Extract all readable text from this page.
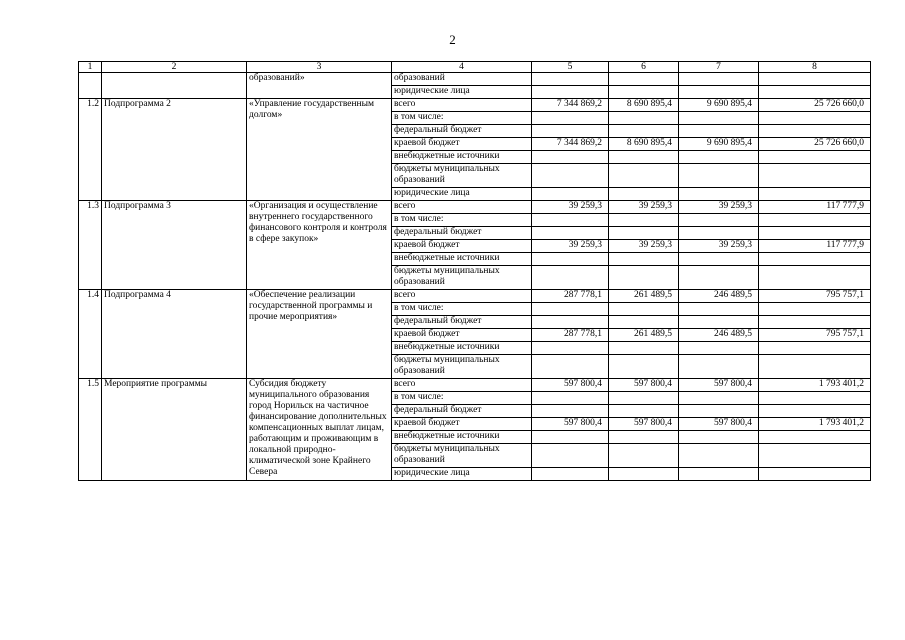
2
1	2	3	4	5	6	7	8
		образований»	образований				
			юридические лица				
1.2	Подпрограмма 2	«Управление государственным долгом»	всего	7 344 869,2	8 690 895,4	9 690 895,4	25 726 660,0
			в том числе:				
			федеральный бюджет				
			краевой бюджет	7 344 869,2	8 690 895,4	9 690 895,4	25 726 660,0
			внебюджетные источники				
			бюджеты муниципальных образований				
			юридические лица				
1.3	Подпрограмма 3	«Организация и осуществление внутреннего государственного финансового контроля и контроля в сфере закупок»	всего	39 259,3	39 259,3	39 259,3	117 777,9
			в том числе:				
			федеральный бюджет				
			краевой бюджет	39 259,3	39 259,3	39 259,3	117 777,9
			внебюджетные источники				
			бюджеты муниципальных образований				
1.4	Подпрограмма 4	«Обеспечение реализации государственной программы и прочие мероприятия»	всего	287 778,1	261 489,5	246 489,5	795 757,1
			в том числе:				
			федеральный бюджет				
			краевой бюджет	287 778,1	261 489,5	246 489,5	795 757,1
			внебюджетные источники				
			бюджеты муниципальных образований				
1.5	Мероприятие программы	Субсидия бюджету муниципального образования город Норильск на частичное финансирование дополнительных компенсационных выплат лицам, работающим и проживающим в локальной природно-климатической зоне Крайнего Севера	всего	597 800,4	597 800,4	597 800,4	1 793 401,2
			в том числе:				
			федеральный бюджет				
			краевой бюджет	597 800,4	597 800,4	597 800,4	1 793 401,2
			внебюджетные источники				
			бюджеты муниципальных образований				
			юридические лица				
